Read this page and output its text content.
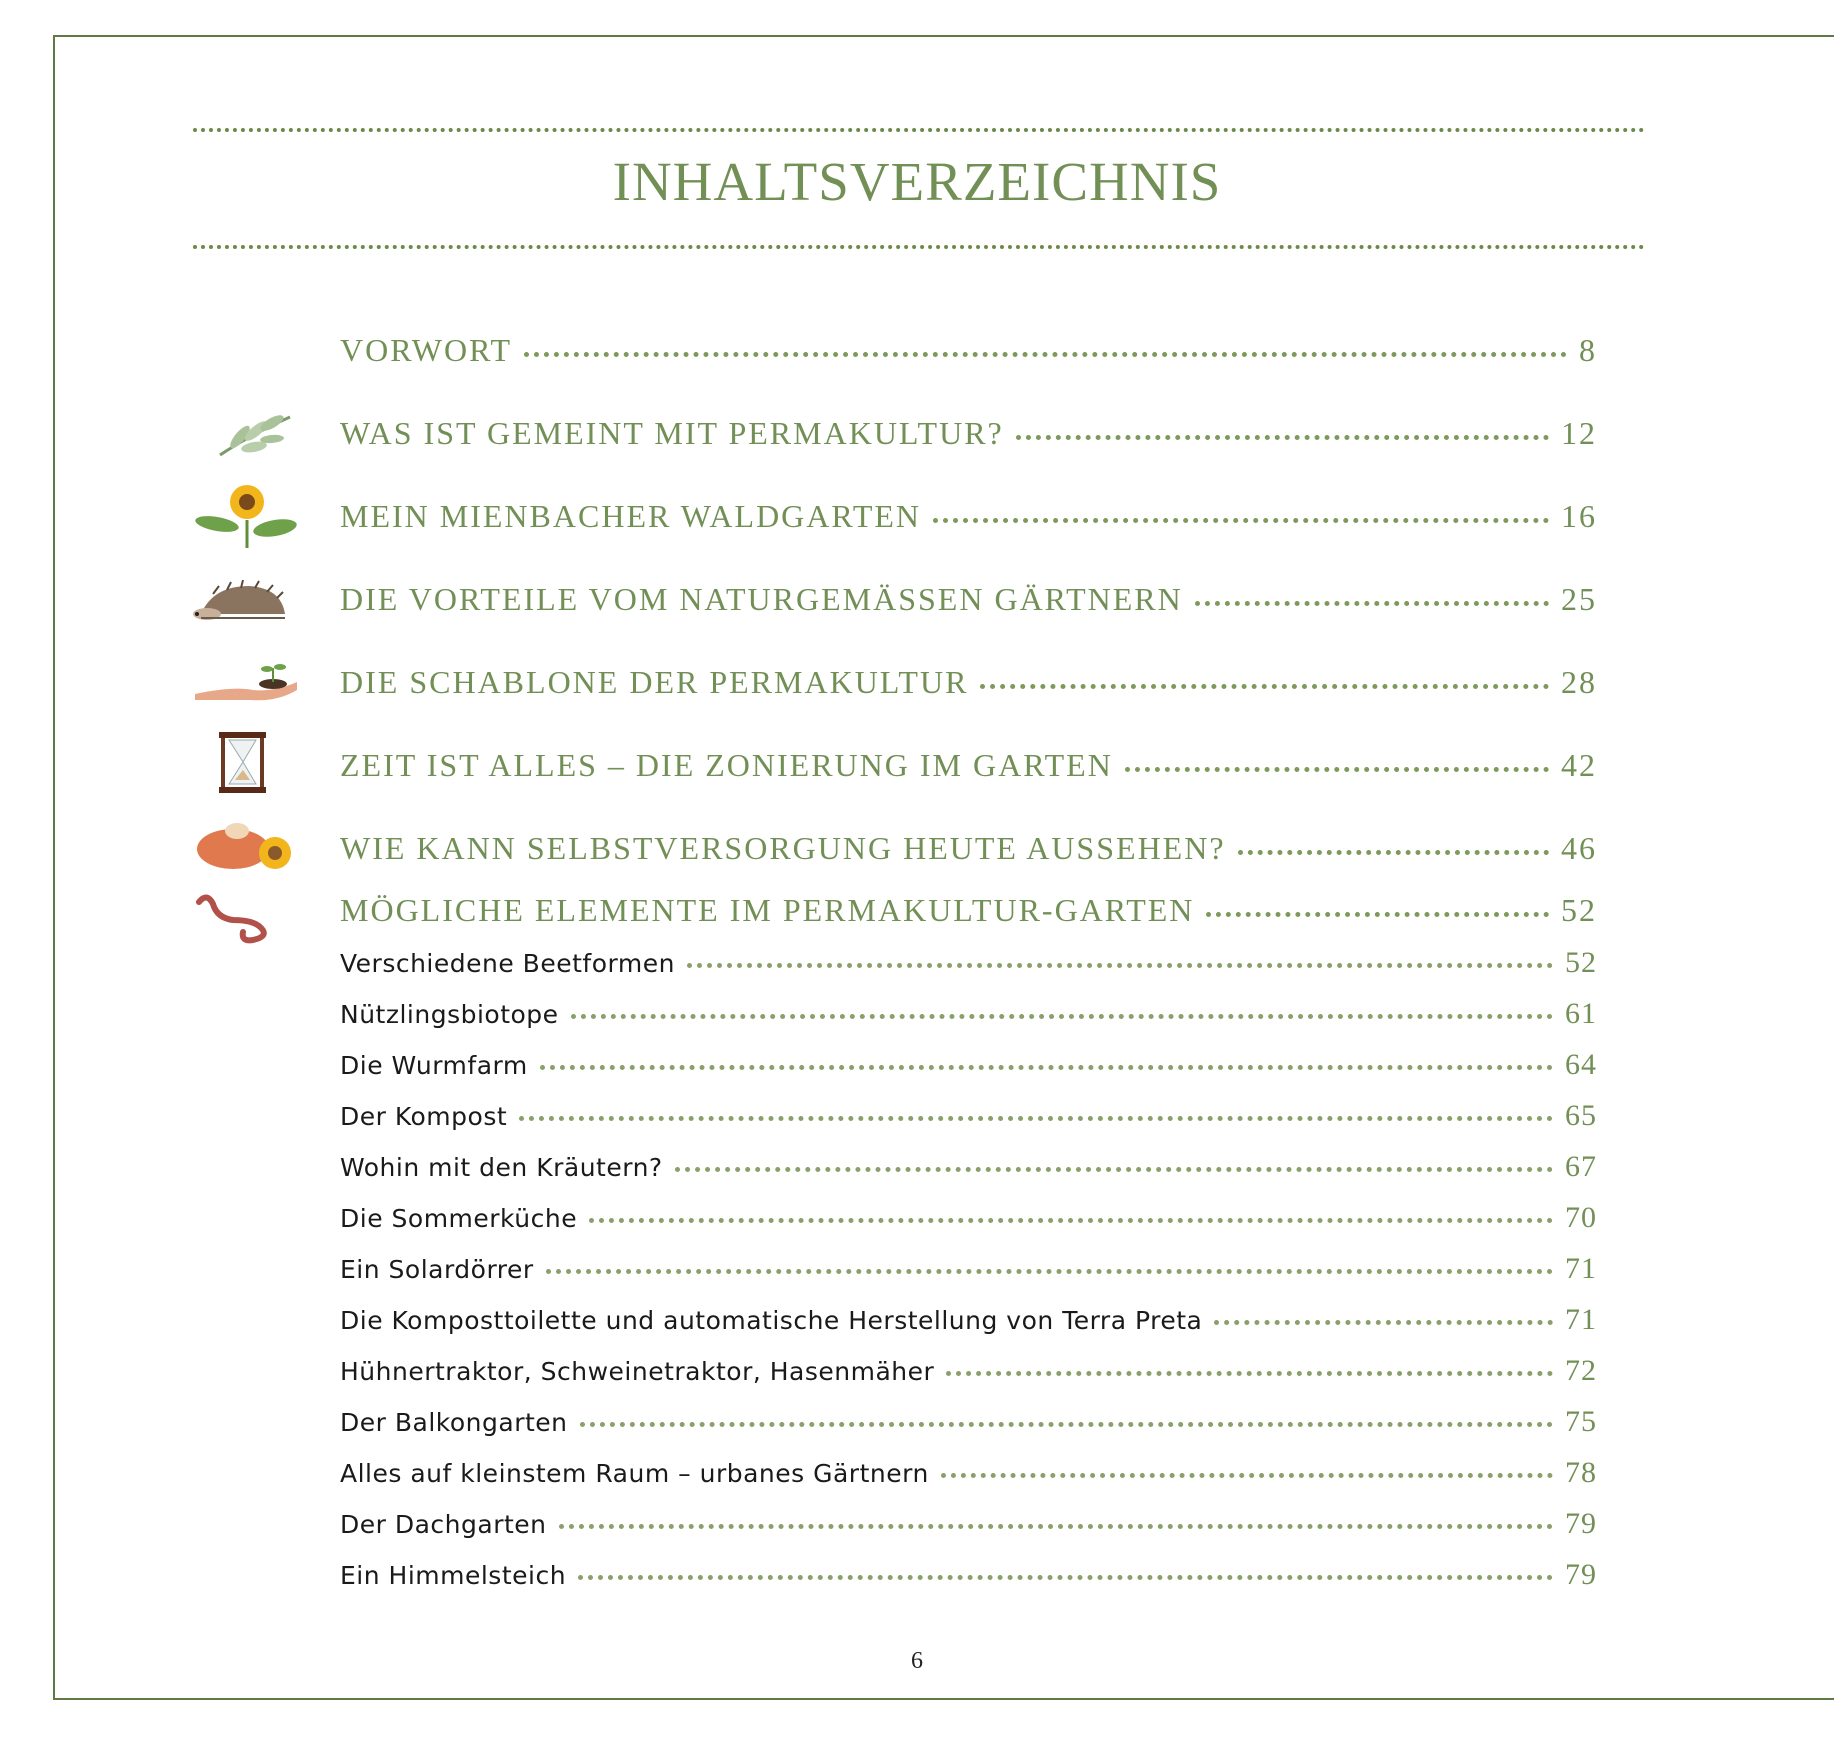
INHALTSVERZEICHNIS
VORWORT	8
WAS IST GEMEINT MIT PERMAKULTUR?	12
MEIN MIENBACHER WALDGARTEN	16
DIE VORTEILE VOM NATURGEMÄSSEN GÄRTNERN	25
DIE SCHABLONE DER PERMAKULTUR	28
ZEIT IST ALLES – DIE ZONIERUNG IM GARTEN	42
WIE KANN SELBSTVERSORGUNG HEUTE AUSSEHEN?	46
MÖGLICHE ELEMENTE IM PERMAKULTUR-GARTEN	52
Verschiedene Beetformen	52
Nützlingsbiotope	61
Die Wurmfarm	64
Der Kompost	65
Wohin mit den Kräutern?	67
Die Sommerküche	70
Ein Solardörrer	71
Die Komposttoilette und automatische Herstellung von Terra Preta	71
Hühnertraktor, Schweinetraktor, Hasenmäher	72
Der Balkongarten	75
Alles auf kleinstem Raum – urbanes Gärtnern	78
Der Dachgarten	79
Ein Himmelsteich	79
6
